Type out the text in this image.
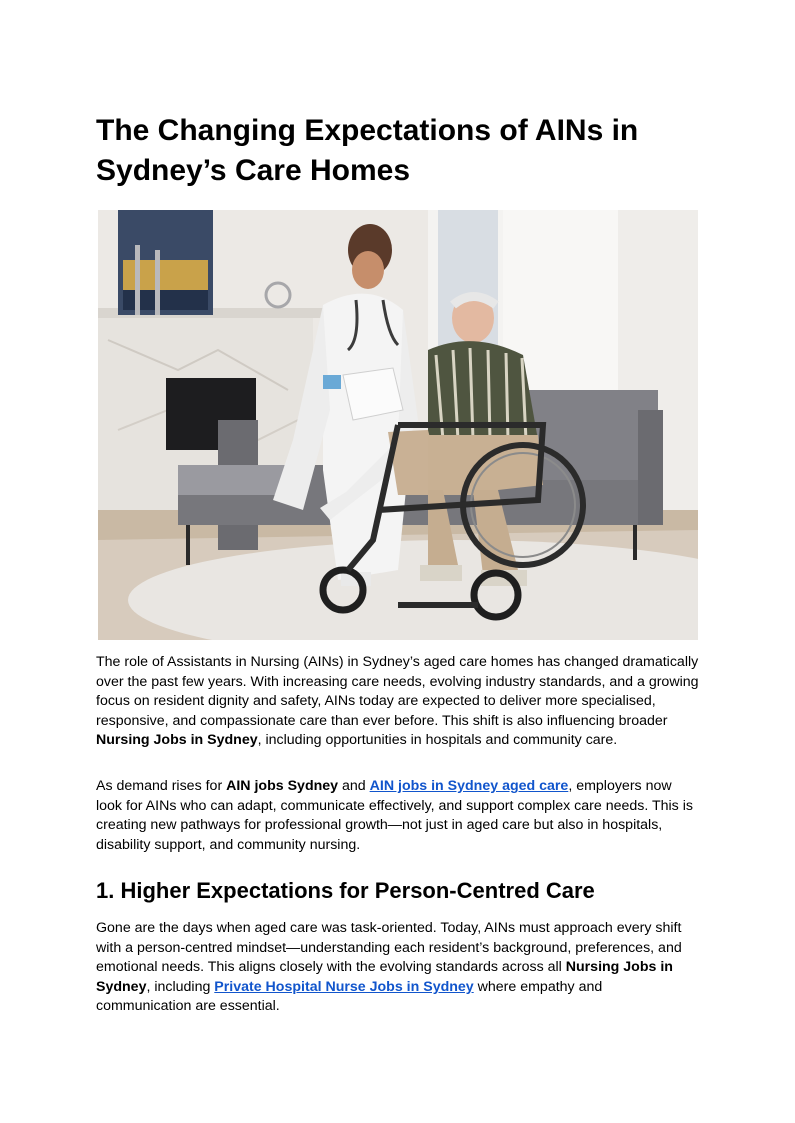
The Changing Expectations of AINs in Sydney’s Care Homes

The role of Assistants in Nursing (AINs) in Sydney’s aged care homes has changed dramatically over the past few years. With increasing care needs, evolving industry standards, and a growing focus on resident dignity and safety, AINs today are expected to deliver more specialised, responsive, and compassionate care than ever before. This shift is also influencing broader Nursing Jobs in Sydney, including opportunities in hospitals and community care.

As demand rises for AIN jobs Sydney and AIN jobs in Sydney aged care, employers now look for AINs who can adapt, communicate effectively, and support complex care needs. This is creating new pathways for professional growth—not just in aged care but also in hospitals, disability support, and community nursing.

1. Higher Expectations for Person-Centred Care

Gone are the days when aged care was task-oriented. Today, AINs must approach every shift with a person-centred mindset—understanding each resident’s background, preferences, and emotional needs. This aligns closely with the evolving standards across all Nursing Jobs in Sydney, including Private Hospital Nurse Jobs in Sydney where empathy and communication are essential.
